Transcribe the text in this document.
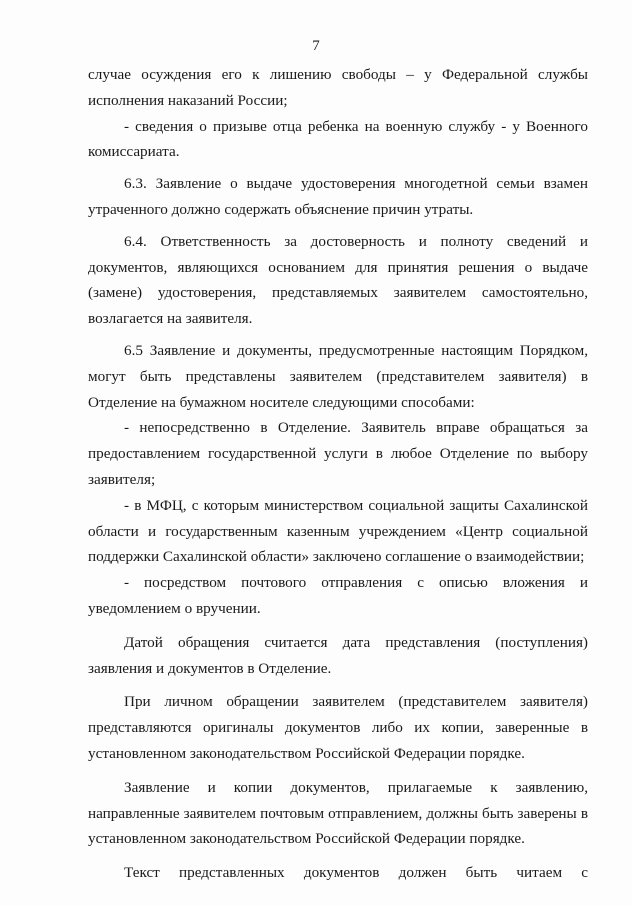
7

случае осуждения его к лишению свободы – у Федеральной службы исполнения наказаний России;

- сведения о призыве отца ребенка на военную службу - у Военного комиссариата.

6.3. Заявление о выдаче удостоверения многодетной семьи взамен утраченного должно содержать объяснение причин утраты.

6.4. Ответственность за достоверность и полноту сведений и документов, являющихся основанием для принятия решения о выдаче (замене) удостоверения, представляемых заявителем самостоятельно, возлагается на заявителя.

6.5 Заявление и документы, предусмотренные настоящим Порядком, могут быть представлены заявителем (представителем заявителя) в Отделение на бумажном носителе следующими способами:

- непосредственно в Отделение. Заявитель вправе обращаться за предоставлением государственной услуги в любое Отделение по выбору заявителя;

- в МФЦ, с которым министерством социальной защиты Сахалинской области и государственным казенным учреждением «Центр социальной поддержки Сахалинской области» заключено соглашение о взаимодействии;

- посредством почтового отправления с описью вложения и уведомлением о вручении.

Датой обращения считается дата представления (поступления) заявления и документов в Отделение.

При личном обращении заявителем (представителем заявителя) представляются оригиналы документов либо их копии, заверенные в установленном законодательством Российской Федерации порядке.

Заявление и копии документов, прилагаемые к заявлению, направленные заявителем почтовым отправлением, должны быть заверены в установленном законодательством Российской Федерации порядке.

Текст представленных документов должен быть читаем с
